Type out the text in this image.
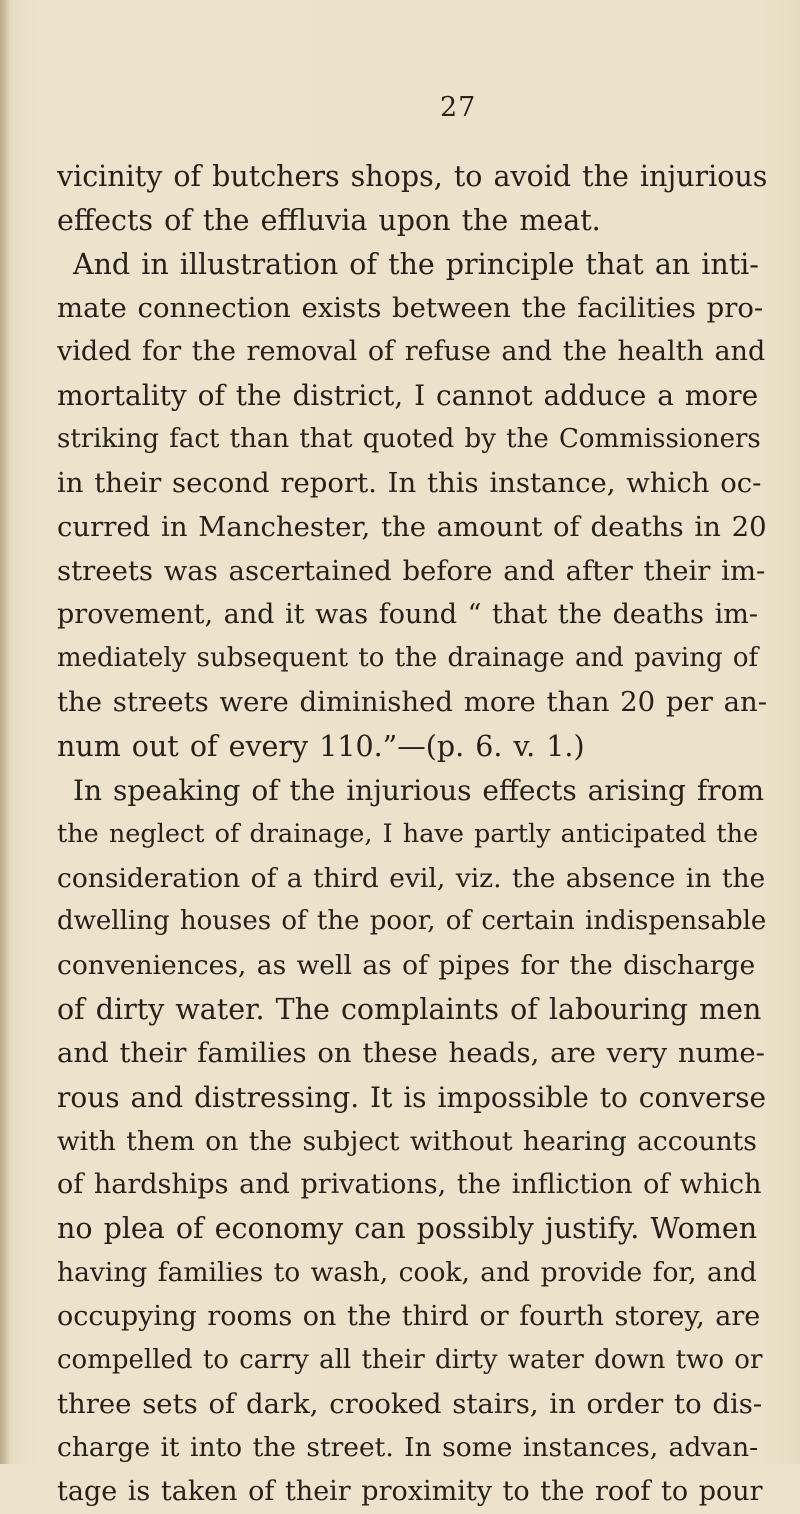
27
vicinity of butchers shops, to avoid the injurious
effects of the effluvia upon the meat.
And in illustration of the principle that an inti-
mate connection exists between the facilities pro-
vided for the removal of refuse and the health and
mortality of the district, I cannot adduce a more
striking fact than that quoted by the Commissioners
in their second report. In this instance, which oc-
curred in Manchester, the amount of deaths in 20
streets was ascertained before and after their im-
provement, and it was found “ that the deaths im-
mediately subsequent to the drainage and paving of
the streets were diminished more than 20 per an-
num out of every 110.”—(p. 6. v. 1.)
In speaking of the injurious effects arising from
the neglect of drainage, I have partly anticipated the
consideration of a third evil, viz. the absence in the
dwelling houses of the poor, of certain indispensable
conveniences, as well as of pipes for the discharge
of dirty water. The complaints of labouring men
and their families on these heads, are very nume-
rous and distressing. It is impossible to converse
with them on the subject without hearing accounts
of hardships and privations, the infliction of which
no plea of economy can possibly justify. Women
having families to wash, cook, and provide for, and
occupying rooms on the third or fourth storey, are
compelled to carry all their dirty water down two or
three sets of dark, crooked stairs, in order to dis-
charge it into the street. In some instances, advan-
tage is taken of their proximity to the roof to pour
